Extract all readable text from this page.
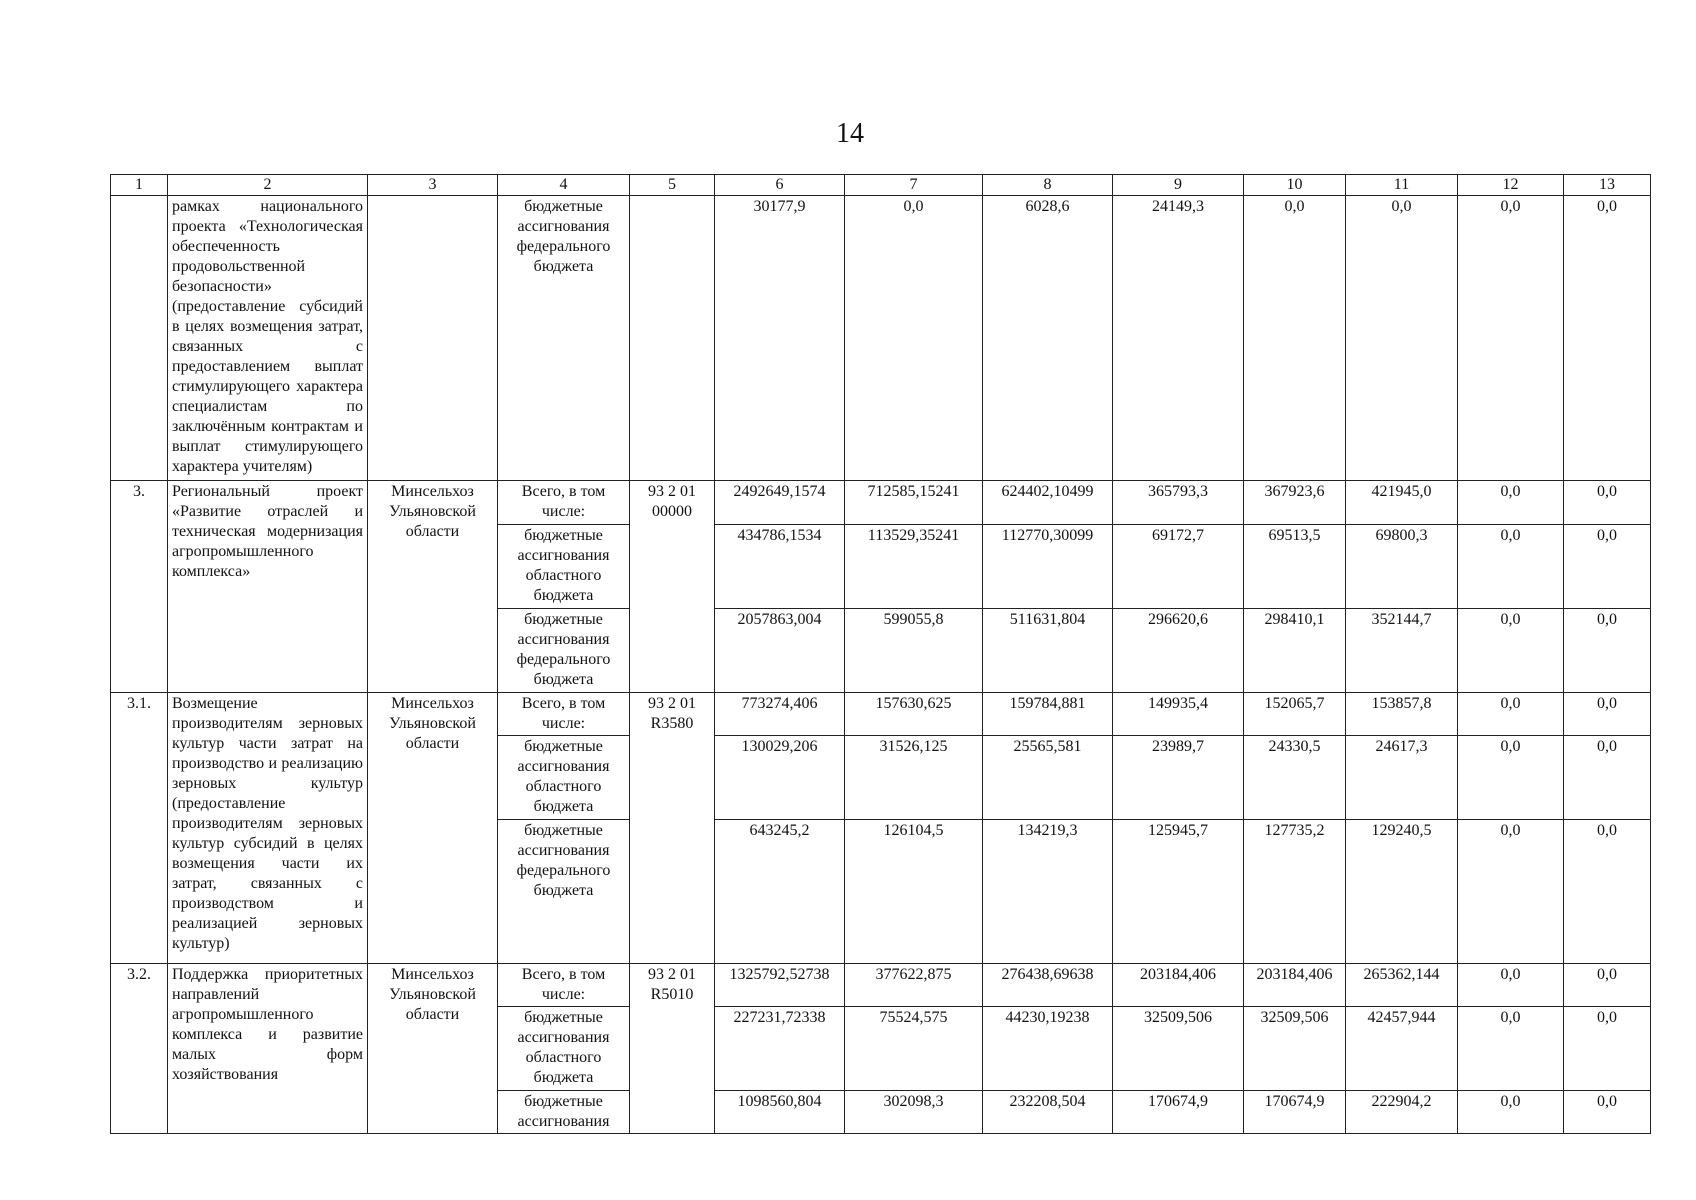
14
1	2	3	4	5	6	7	8	9	10	11	12	13
	рамках национального проекта «Технологическая обеспеченность продовольственной безопасности» (предоставление субсидий в целях возмещения затрат, связанных с предоставлением выплат стимулирующего характера специалистам по заключённым контрактам и выплат стимулирующего характера учителям)		бюджетные ассигнования федерального бюджета		30177,9	0,0	6028,6	24149,3	0,0	0,0	0,0	0,0
3.	Региональный проект «Развитие отраслей и техническая модернизация агропромышленного комплекса»	Минсельхоз Ульяновской области	Всего, в том числе:	93 2 01 00000	2492649,1574	712585,15241	624402,10499	365793,3	367923,6	421945,0	0,0	0,0
			бюджетные ассигнования областного бюджета		434786,1534	113529,35241	112770,30099	69172,7	69513,5	69800,3	0,0	0,0
			бюджетные ассигнования федерального бюджета		2057863,004	599055,8	511631,804	296620,6	298410,1	352144,7	0,0	0,0
3.1.	Возмещение производителям зерновых культур части затрат на производство и реализацию зерновых культур (предоставление производителям зерновых культур субсидий в целях возмещения части их затрат, связанных с производством и реализацией зерновых культур)	Минсельхоз Ульяновской области	Всего, в том числе:	93 2 01 R3580	773274,406	157630,625	159784,881	149935,4	152065,7	153857,8	0,0	0,0
			бюджетные ассигнования областного бюджета		130029,206	31526,125	25565,581	23989,7	24330,5	24617,3	0,0	0,0
			бюджетные ассигнования федерального бюджета		643245,2	126104,5	134219,3	125945,7	127735,2	129240,5	0,0	0,0
3.2.	Поддержка приоритетных направлений агропромышленного комплекса и развитие малых форм хозяйствования	Минсельхоз Ульяновской области	Всего, в том числе:	93 2 01 R5010	1325792,52738	377622,875	276438,69638	203184,406	203184,406	265362,144	0,0	0,0
			бюджетные ассигнования областного бюджета		227231,72338	75524,575	44230,19238	32509,506	32509,506	42457,944	0,0	0,0
			бюджетные ассигнования		1098560,804	302098,3	232208,504	170674,9	170674,9	222904,2	0,0	0,0
